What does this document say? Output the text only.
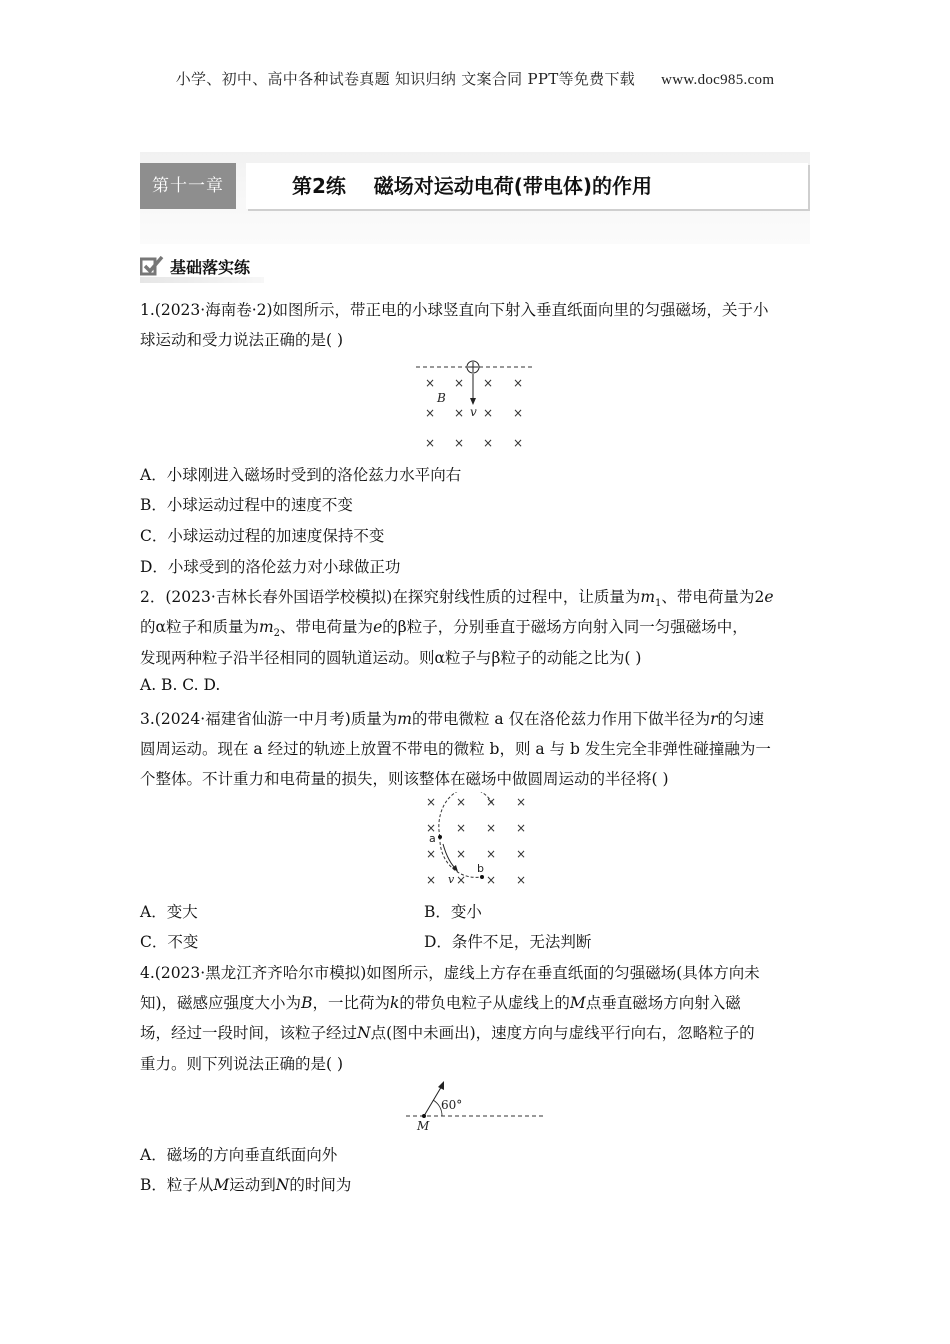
小学、初中、高中各种试卷真题 知识归纳 文案合同 PPT等免费下载 www.doc985.com
第十一章	第2练    磁场对运动电荷(带电体)的作用
基础落实练
1.(2023·海南卷·2)如图所示，带正电的小球竖直向下射入垂直纸面向里的匀强磁场，关于小
球运动和受力说法正确的是( )
× × × ×
× × × ×
× × × ×
B
v
A．小球刚进入磁场时受到的洛伦兹力水平向右
B．小球运动过程中的速度不变
C．小球运动过程的加速度保持不变
D．小球受到的洛伦兹力对小球做正功
2．(2023·吉林长春外国语学校模拟)在探究射线性质的过程中，让质量为$m_1$、带电荷量为2e
的α粒子和质量为$m_2$、带电荷量为e的β粒子，分别垂直于磁场方向射入同一匀强磁场中，
发现两种粒子沿半径相同的圆轨道运动。则α粒子与β粒子的动能之比为( )
A. B. C. D.
3.(2024·福建省仙游一中月考)质量为m的带电微粒 a 仅在洛伦兹力作用下做半径为r的匀速
圆周运动。现在 a 经过的轨迹上放置不带电的微粒 b，则 a 与 b 发生完全非弹性碰撞融为一
个整体。不计重力和电荷量的损失，则该整体在磁场中做圆周运动的半径将( )
× × × ×
× × × ×
× × × ×
× × × ×
a
b
v
A．变大	B．变小
C．不变	D．条件不足，无法判断
4.(2023·黑龙江齐齐哈尔市模拟)如图所示，虚线上方存在垂直纸面的匀强磁场(具体方向未
知)，磁感应强度大小为B，一比荷为k的带负电粒子从虚线上的M点垂直磁场方向射入磁
场，经过一段时间，该粒子经过N点(图中未画出)，速度方向与虚线平行向右，忽略粒子的
重力。则下列说法正确的是( )
60°
M
A．磁场的方向垂直纸面向外
B．粒子从M运动到N的时间为
